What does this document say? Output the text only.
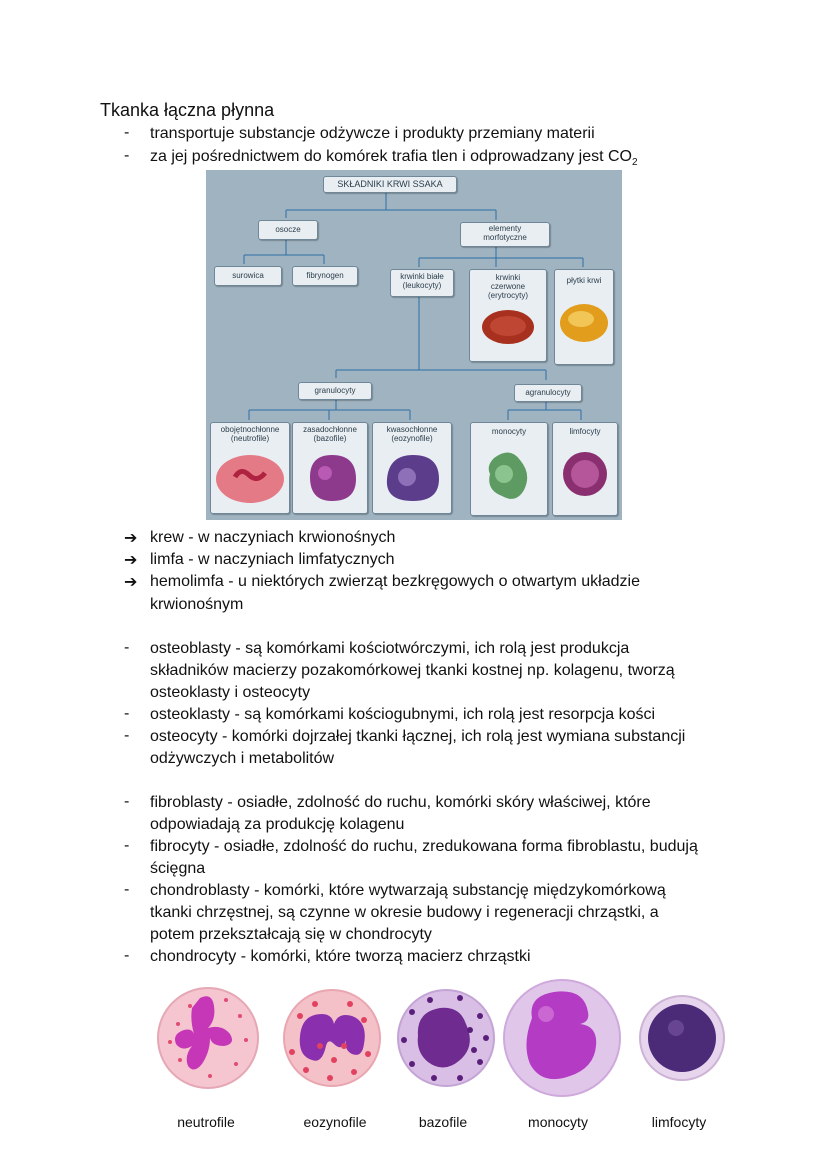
Tkanka łączna płynna
- transportuje substancje odżywcze i produkty przemiany materii
- za jej pośrednictwem do komórek trafia tlen i odprowadzany jest $CO_2$
SKŁADNIKI KRWI SSAKA
osocze	elementy
morfotyczne
surowica	fibrynogen	krwinki białe
(leukocyty)
krwinki
czerwone
(erytrocyty)
płytki krwi
granulocyty	agranulocyty
obojętnochłonne
(neutrofile)
zasadochłonne
(bazofile)
kwasochłonne
(eozynofile)
monocyty	limfocyty
➔ krew - w naczyniach krwionośnych
➔ limfa - w naczyniach limfatycznych
➔ hemolimfa - u niektórych zwierząt bezkręgowych o otwartym układzie
krwionośnym
- osteoblasty - są komórkami kościotwórczymi, ich rolą jest produkcja
składników macierzy pozakomórkowej tkanki kostnej np. kolagenu, tworzą
osteoklasty i osteocyty
- osteoklasty - są komórkami kościogubnymi, ich rolą jest resorpcja kości
- osteocyty - komórki dojrzałej tkanki łącznej, ich rolą jest wymiana substancji
odżywczych i metabolitów
- fibroblasty - osiadłe, zdolność do ruchu, komórki skóry właściwej, które
odpowiadają za produkcję kolagenu
- fibrocyty - osiadłe, zdolność do ruchu, zredukowana forma fibroblastu, budują
ścięgna
- chondroblasty - komórki, które wytwarzają substancję międzykomórkową
tkanki chrzęstnej, są czynne w okresie budowy i regeneracji chrząstki, a
potem przekształcają się w chondrocyty
- chondrocyty - komórki, które tworzą macierz chrząstki
neutrofile	eozynofile	bazofile	monocyty	limfocyty
